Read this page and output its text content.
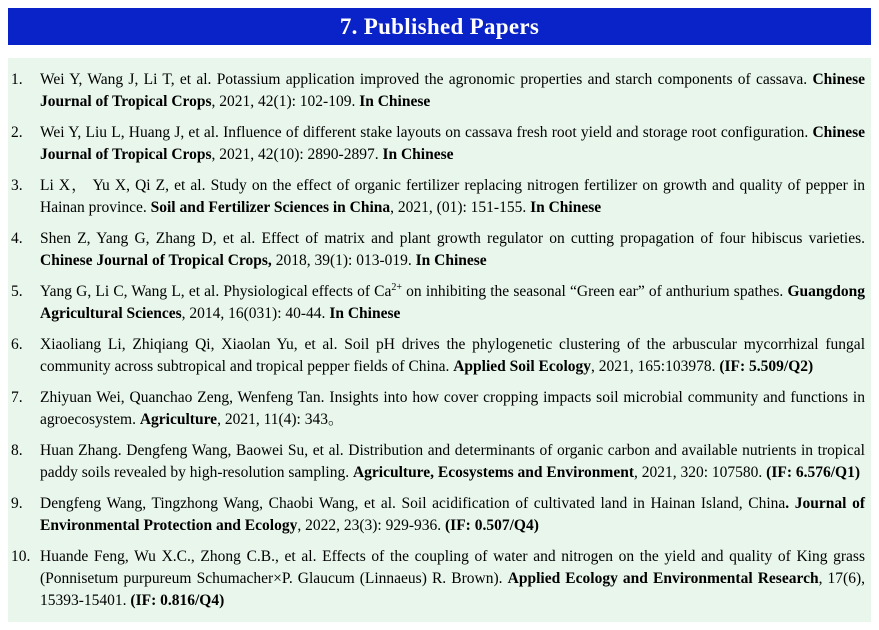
7. Published Papers
1. Wei Y, Wang J, Li T, et al. Potassium application improved the agronomic properties and starch components of cassava. Chinese Journal of Tropical Crops, 2021, 42(1): 102-109. In Chinese
2. Wei Y, Liu L, Huang J, et al. Influence of different stake layouts on cassava fresh root yield and storage root configuration. Chinese Journal of Tropical Crops, 2021, 42(10): 2890-2897. In Chinese
3. Li X， Yu X, Qi Z, et al. Study on the effect of organic fertilizer replacing nitrogen fertilizer on growth and quality of pepper in Hainan province. Soil and Fertilizer Sciences in China, 2021, (01): 151-155. In Chinese
4. Shen Z, Yang G, Zhang D, et al. Effect of matrix and plant growth regulator on cutting propagation of four hibiscus varieties. Chinese Journal of Tropical Crops, 2018, 39(1): 013-019. In Chinese
5. Yang G, Li C, Wang L, et al. Physiological effects of $Ca^{2+}$ on inhibiting the seasonal “Green ear” of anthurium spathes. Guangdong Agricultural Sciences, 2014, 16(031): 40-44. In Chinese
6. Xiaoliang Li, Zhiqiang Qi, Xiaolan Yu, et al. Soil pH drives the phylogenetic clustering of the arbuscular mycorrhizal fungal community across subtropical and tropical pepper fields of China. Applied Soil Ecology, 2021, 165:103978. (IF: 5.509/Q2)
7. Zhiyuan Wei, Quanchao Zeng, Wenfeng Tan. Insights into how cover cropping impacts soil microbial community and functions in agroecosystem. Agriculture, 2021, 11(4): 343。
8. Huan Zhang. Dengfeng Wang, Baowei Su, et al. Distribution and determinants of organic carbon and available nutrients in tropical paddy soils revealed by high-resolution sampling. Agriculture, Ecosystems and Environment, 2021, 320: 107580. (IF: 6.576/Q1)
9. Dengfeng Wang, Tingzhong Wang, Chaobi Wang, et al. Soil acidification of cultivated land in Hainan Island, China. Journal of Environmental Protection and Ecology, 2022, 23(3): 929-936. (IF: 0.507/Q4)
10. Huande Feng, Wu X.C., Zhong C.B., et al. Effects of the coupling of water and nitrogen on the yield and quality of King grass (Ponnisetum purpureum Schumacher×P. Glaucum (Linnaeus) R. Brown). Applied Ecology and Environmental Research, 17(6), 15393-15401. (IF: 0.816/Q4)
